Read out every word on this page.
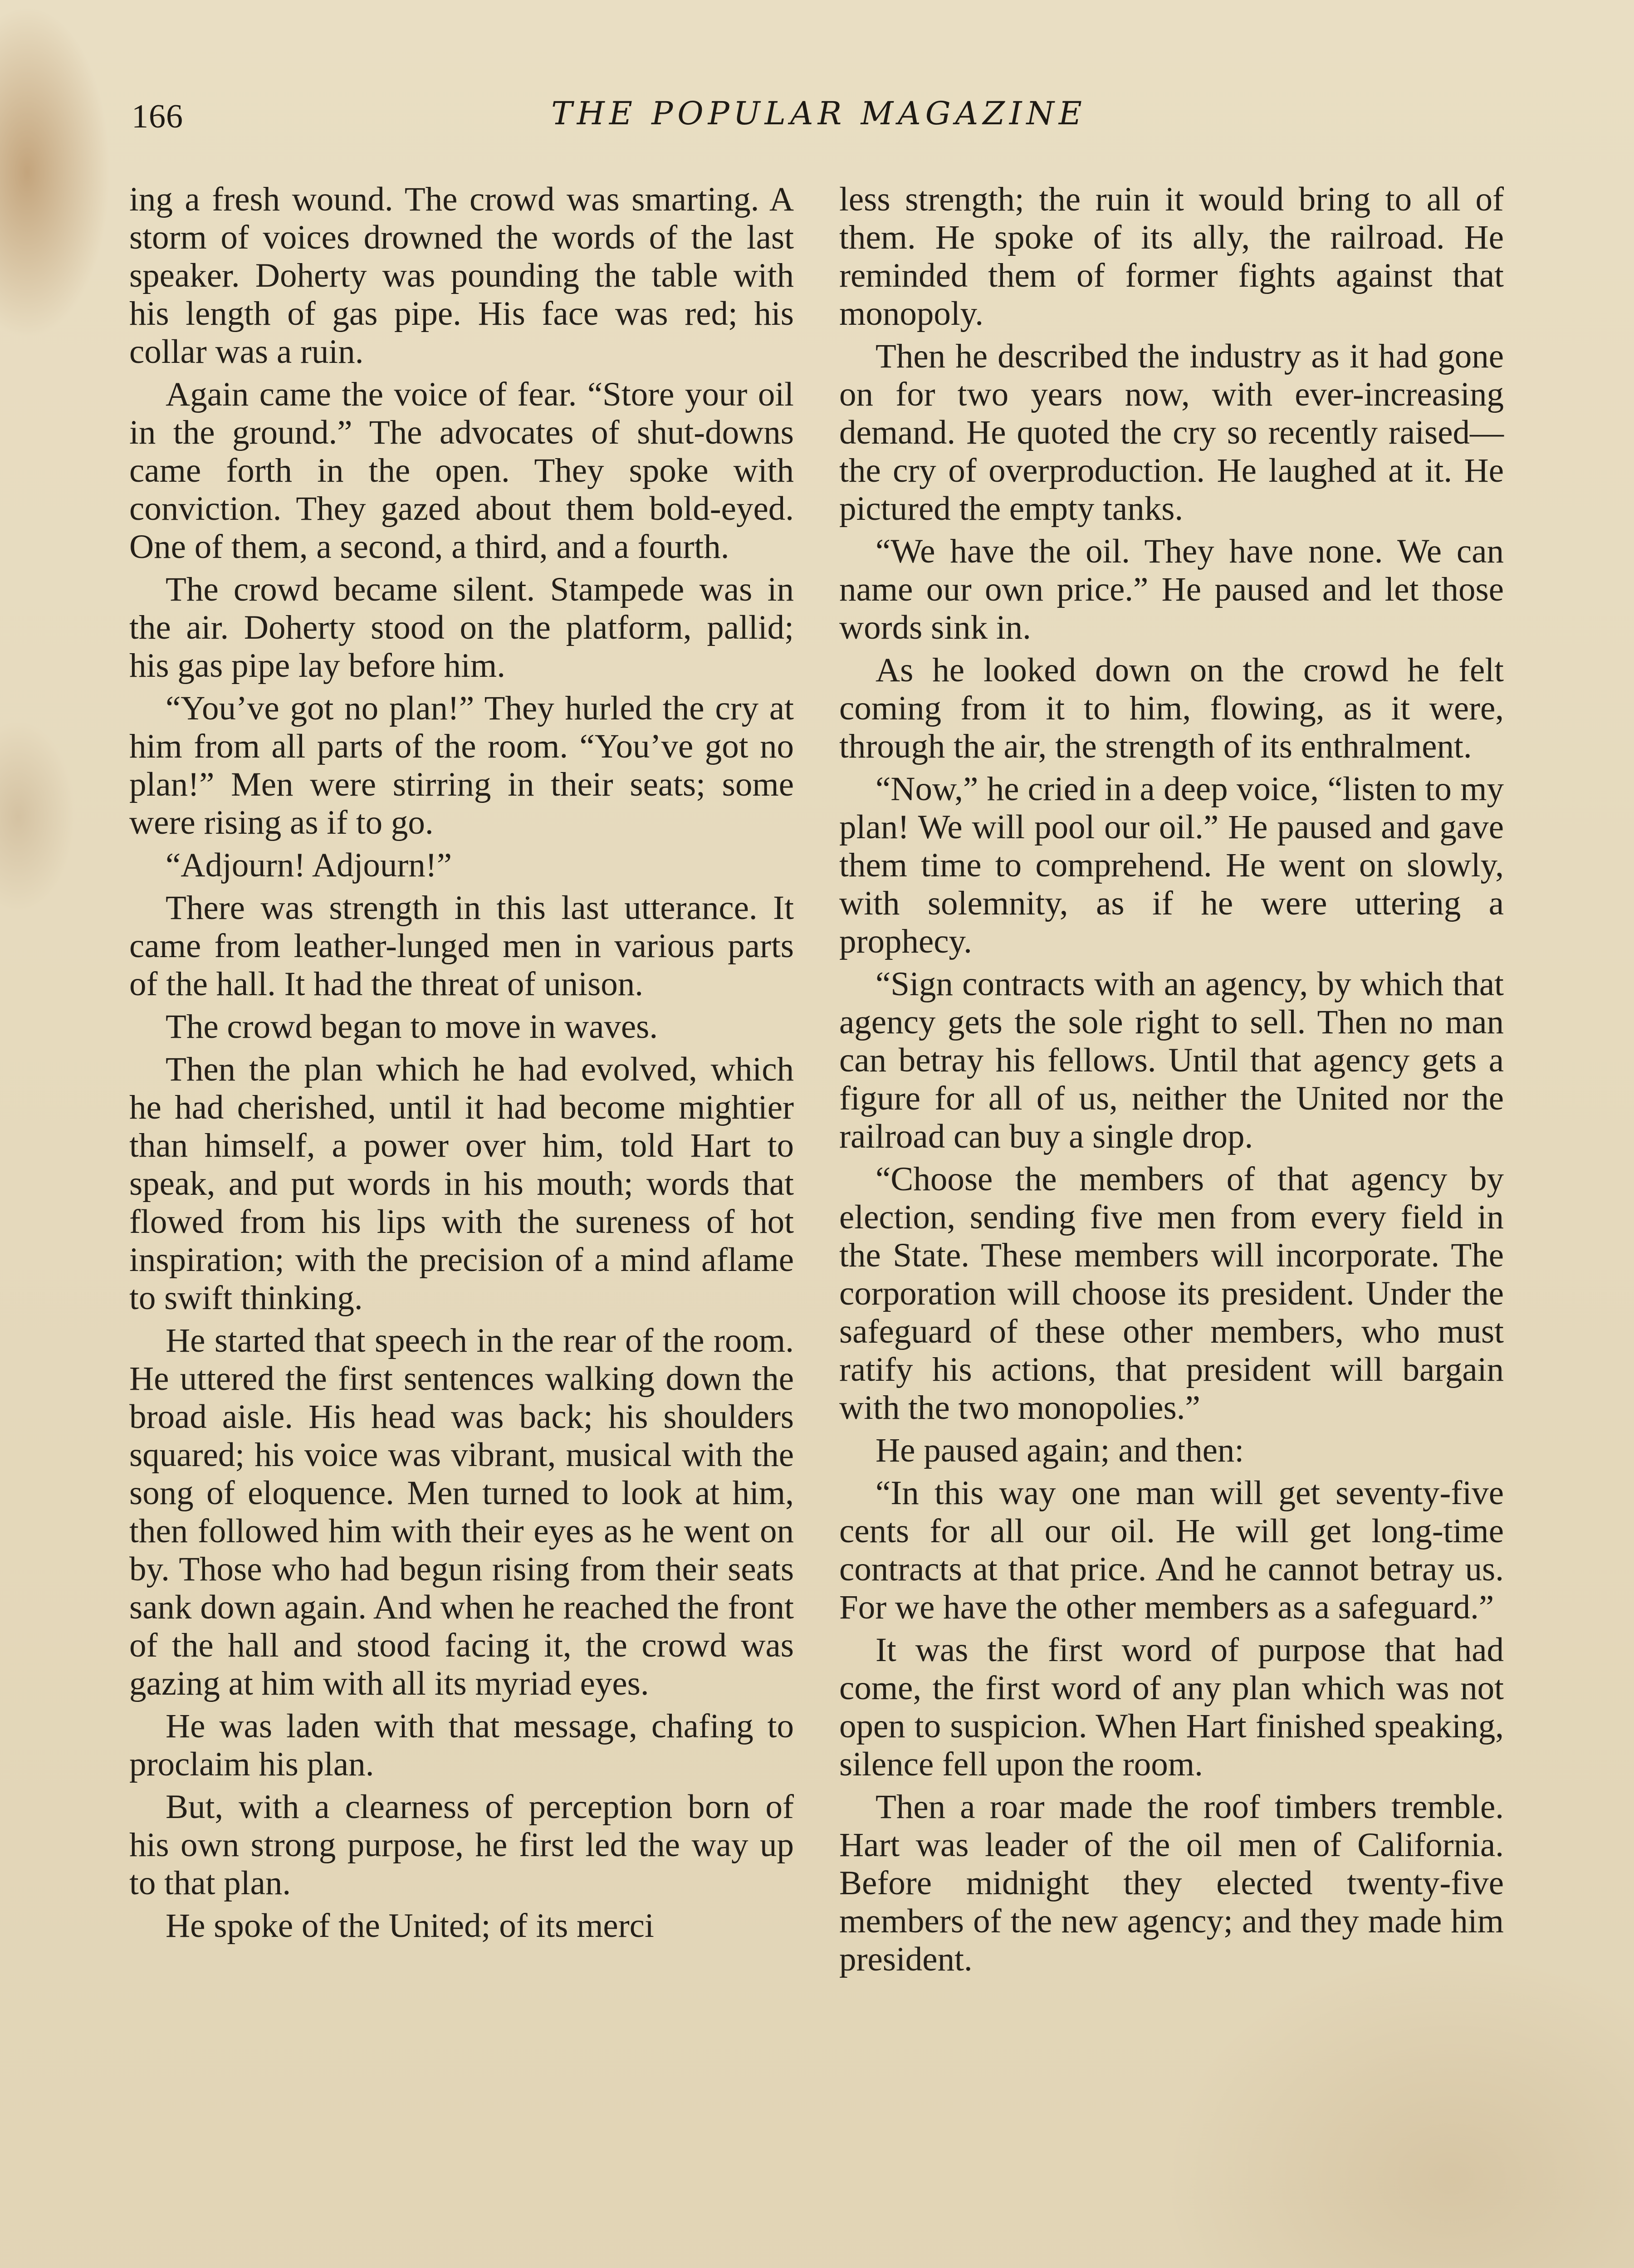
166	THE POPULAR MAGAZINE

ing a fresh wound. The crowd was smarting. A storm of voices drowned the words of the last speaker. Doherty was pounding the table with his length of gas pipe. His face was red; his collar was a ruin.

Again came the voice of fear. “Store your oil in the ground.” The advocates of shut-downs came forth in the open. They spoke with conviction. They gazed about them bold-eyed. One of them, a second, a third, and a fourth.

The crowd became silent. Stampede was in the air. Doherty stood on the platform, pallid; his gas pipe lay before him.

“You’ve got no plan!” They hurled the cry at him from all parts of the room. “You’ve got no plan!” Men were stirring in their seats; some were rising as if to go.

“Adjourn! Adjourn!”

There was strength in this last utterance. It came from leather-lunged men in various parts of the hall. It had the threat of unison.

The crowd began to move in waves.

Then the plan which he had evolved, which he had cherished, until it had become mightier than himself, a power over him, told Hart to speak, and put words in his mouth; words that flowed from his lips with the sureness of hot inspiration; with the precision of a mind aflame to swift thinking.

He started that speech in the rear of the room. He uttered the first sentences walking down the broad aisle. His head was back; his shoulders squared; his voice was vibrant, musical with the song of eloquence. Men turned to look at him, then followed him with their eyes as he went on by. Those who had begun rising from their seats sank down again. And when he reached the front of the hall and stood facing it, the crowd was gazing at him with all its myriad eyes.

He was laden with that message, chafing to proclaim his plan.

But, with a clearness of perception born of his own strong purpose, he first led the way up to that plan.

He spoke of the United; of its merci

less strength; the ruin it would bring to all of them. He spoke of its ally, the railroad. He reminded them of former fights against that monopoly.

Then he described the industry as it had gone on for two years now, with ever-increasing demand. He quoted the cry so recently raised—the cry of overproduction. He laughed at it. He pictured the empty tanks.

“We have the oil. They have none. We can name our own price.” He paused and let those words sink in.

As he looked down on the crowd he felt coming from it to him, flowing, as it were, through the air, the strength of its enthralment.

“Now,” he cried in a deep voice, “listen to my plan! We will pool our oil.” He paused and gave them time to comprehend. He went on slowly, with solemnity, as if he were uttering a prophecy.

“Sign contracts with an agency, by which that agency gets the sole right to sell. Then no man can betray his fellows. Until that agency gets a figure for all of us, neither the United nor the railroad can buy a single drop.

“Choose the members of that agency by election, sending five men from every field in the State. These members will incorporate. The corporation will choose its president. Under the safeguard of these other members, who must ratify his actions, that president will bargain with the two monopolies.”

He paused again; and then:

“In this way one man will get seventy-five cents for all our oil. He will get long-time contracts at that price. And he cannot betray us. For we have the other members as a safeguard.”

It was the first word of purpose that had come, the first word of any plan which was not open to suspicion. When Hart finished speaking, silence fell upon the room.

Then a roar made the roof timbers tremble. Hart was leader of the oil men of California. Before midnight they elected twenty-five members of the new agency; and they made him president.
